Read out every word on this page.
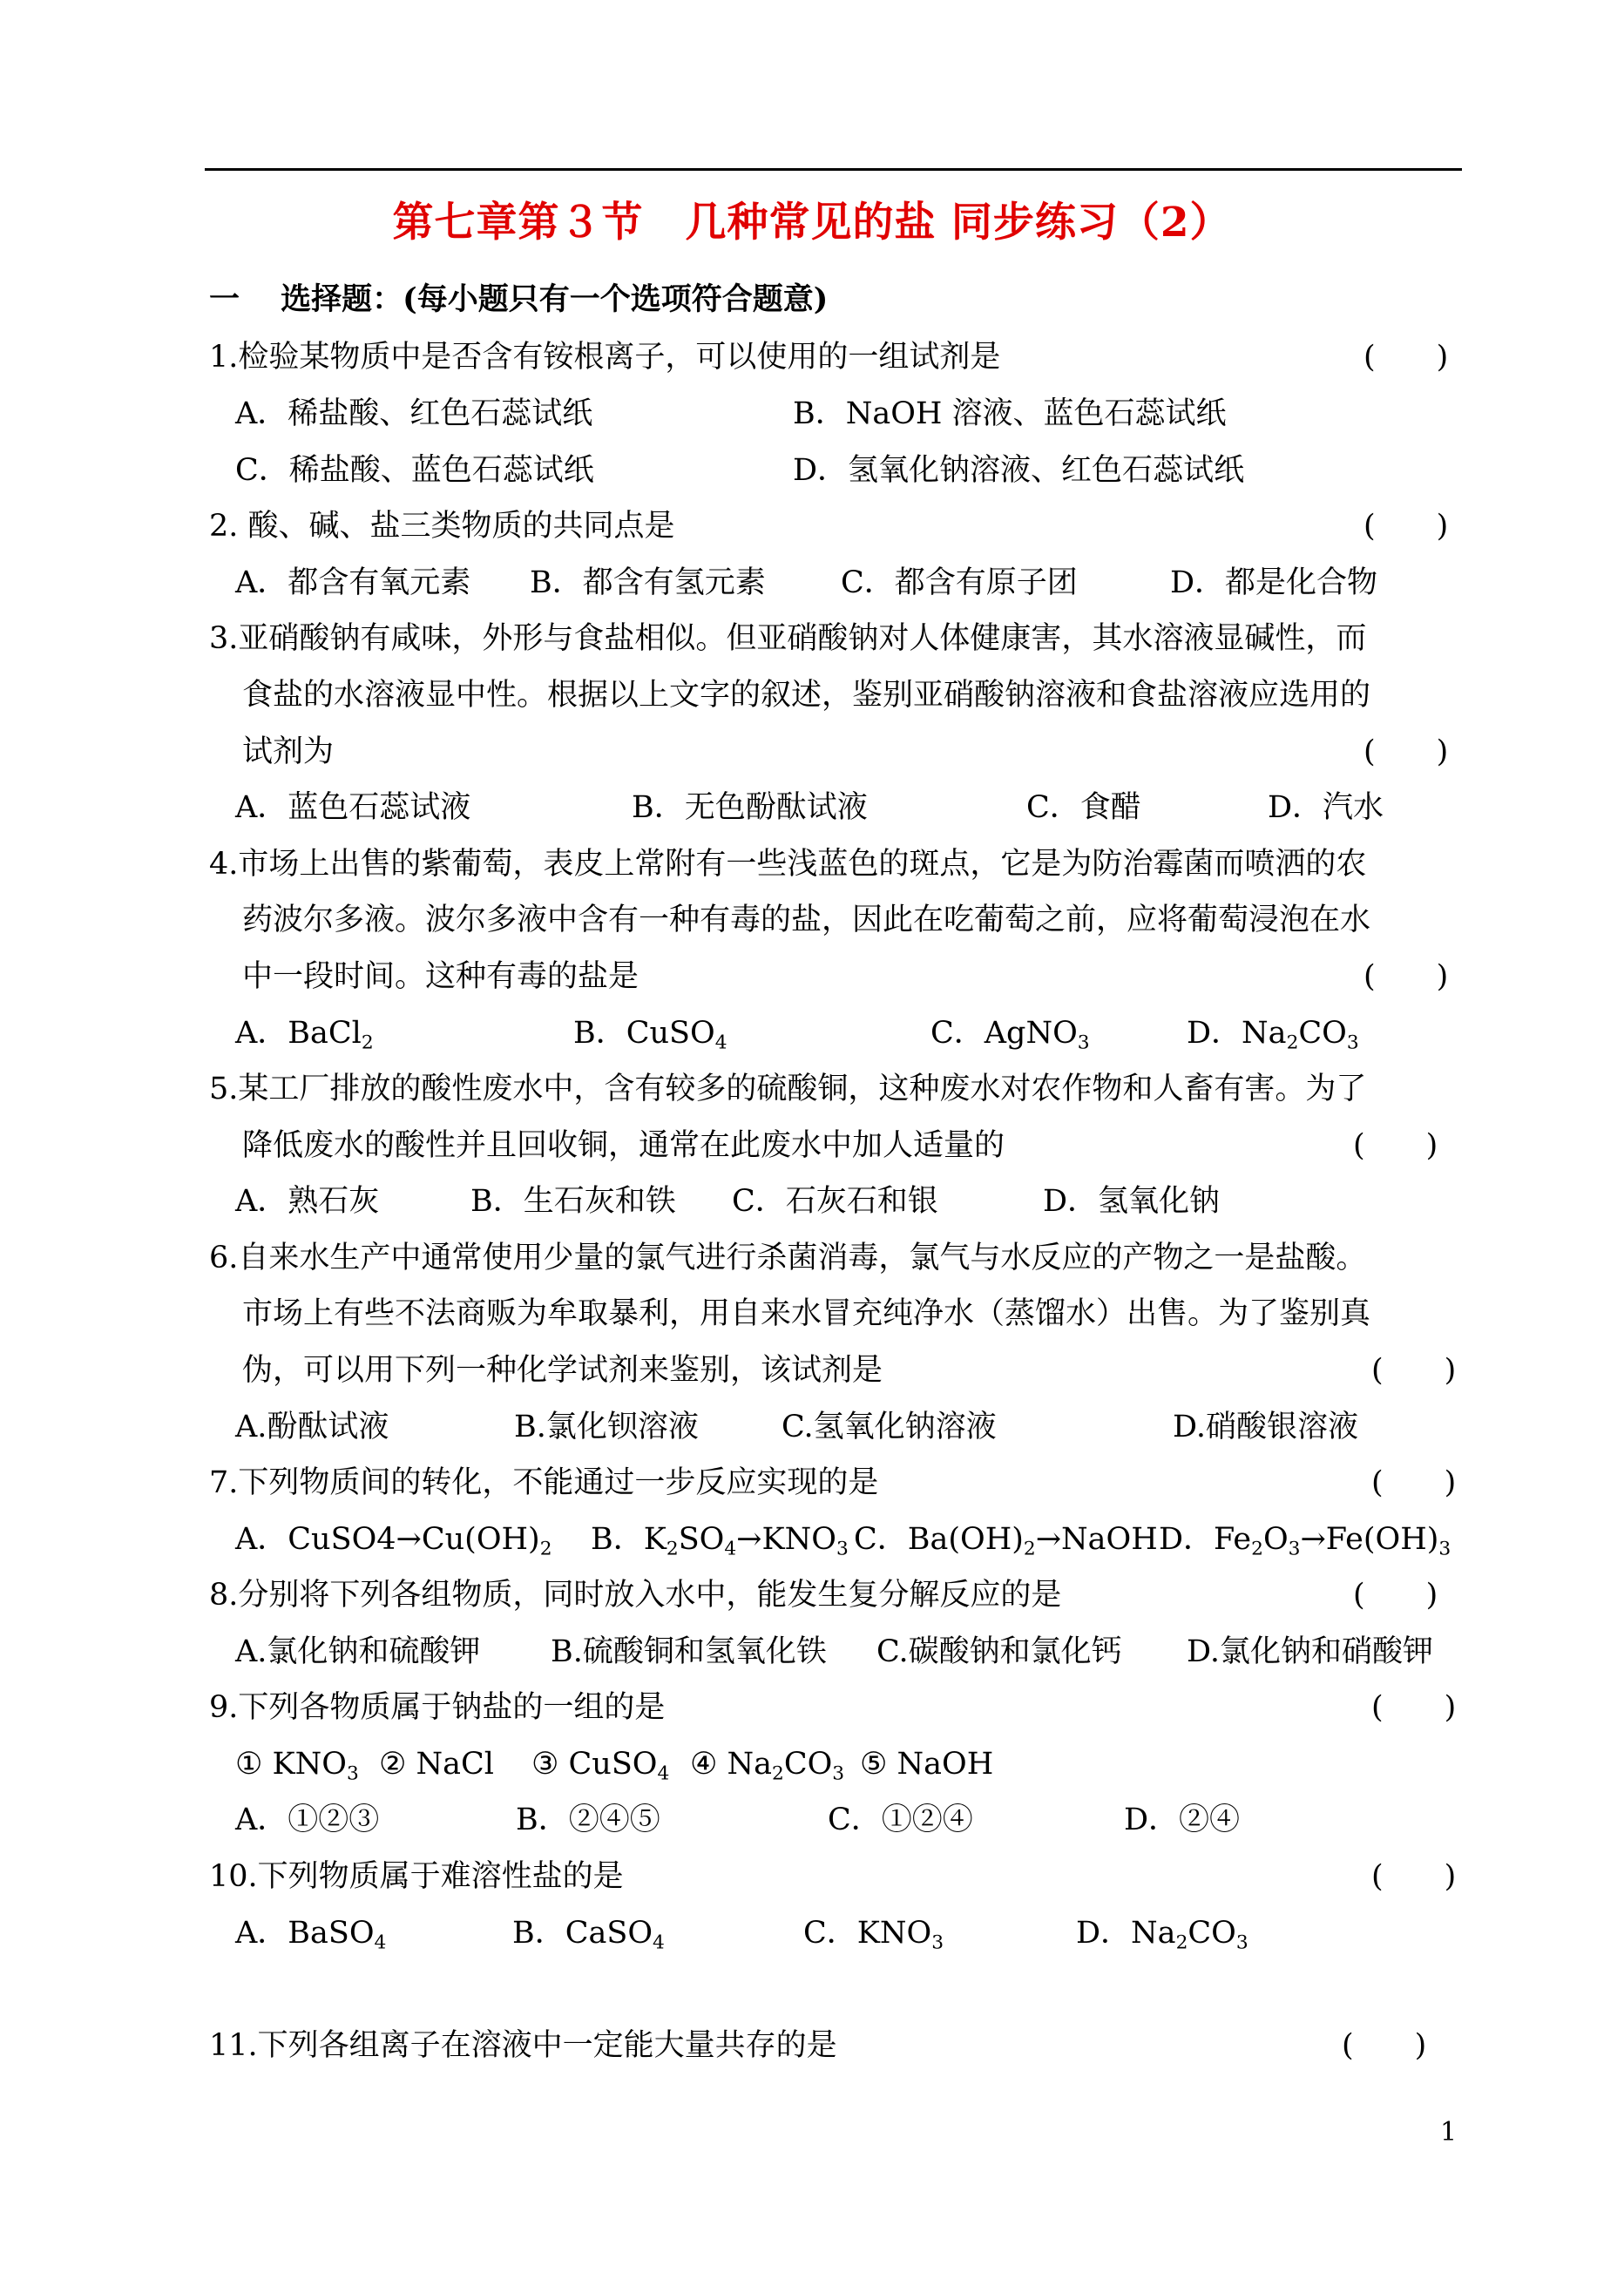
第七章第３节　几种常见的盐 同步练习（2）
一　 选择题：(每小题只有一个选项符合题意)

1.检验某物质中是否含有铵根离子，可以使用的一组试剂是

	(　　)

A．稀盐酸、红色石蕊试纸

	B．NaOH 溶液、蓝色石蕊试纸

C．稀盐酸、蓝色石蕊试纸

	D．氢氧化钠溶液、红色石蕊试纸

2. 酸、碱、盐三类物质的共同点是

	(　　)

A．都含有氧元素

B．都含有氢元素

C．都含有原子团

	D．都是化合物

3.亚硝酸钠有咸味，外形与食盐相似。但亚硝酸钠对人体健康害，其水溶液显碱性，而
食盐的水溶液显中性。根据以上文字的叙述，鉴别亚硝酸钠溶液和食盐溶液应选用的

试剂为

	(　　)

A．蓝色石蕊试液

	B．无色酚酞试液

	C．食醋

	D．汽水

4.市场上出售的紫葡萄，表皮上常附有一些浅蓝色的斑点，它是为防治霉菌而喷洒的农
药波尔多液。波尔多液中含有一种有毒的盐，因此在吃葡萄之前，应将葡萄浸泡在水

中一段时间。这种有毒的盐是

	(　　)

A．BaCl$_2$

	B．CuSO$_4$

	C．AgNO$_3$

	D．$Na_2CO_3$

5.某工厂排放的酸性废水中，含有较多的硫酸铜，这种废水对农作物和人畜有害。为了

降低废水的酸性并且回收铜，通常在此废水中加人适量的

	(　　)

A．熟石灰

	B．生石灰和铁

C．石灰石和银

	D．氢氧化钠

6.自来水生产中通常使用少量的氯气进行杀菌消毒，氯气与水反应的产物之一是盐酸。
市场上有些不法商贩为牟取暴利，用自来水冒充纯净水（蒸馏水）出售。为了鉴别真

伪，可以用下列一种化学试剂来鉴别，该试剂是

	(　　)

A.酚酞试液

	B.氯化钡溶液

	C.氢氧化钠溶液

	D.硝酸银溶液

7.下列物质间的转化，不能通过一步反应实现的是

	(　　)

A．$CuSO4\to Cu(OH)_2$

B．$K_2SO_4\to KNO_3$

C．$Ba(OH)_2\to NaOH$

D．$Fe_2O_3\to Fe(OH)_3$

8.分别将下列各组物质，同时放入水中，能发生复分解反应的是

	(　　)

A.氯化钠和硫酸钾

B.硫酸铜和氢氧化铁

C.碳酸钠和氯化钙

D.氯化钠和硝酸钾

9.下列各物质属于钠盐的一组的是

	(　　)

① $KNO_3$

② NaCl

③ CuSO$_4$

④ $Na_2CO_3$

⑤ NaOH

A．①②③

	B．②④⑤

	C．①②④

	D．②④

10.下列物质属于难溶性盐的是

	(　　)

A．BaSO$_4$

	B．CaSO$_4$

	C．$KNO_3$

	D．$Na_2CO_3$

11.下列各组离子在溶液中一定能大量共存的是

	(　　)

1
